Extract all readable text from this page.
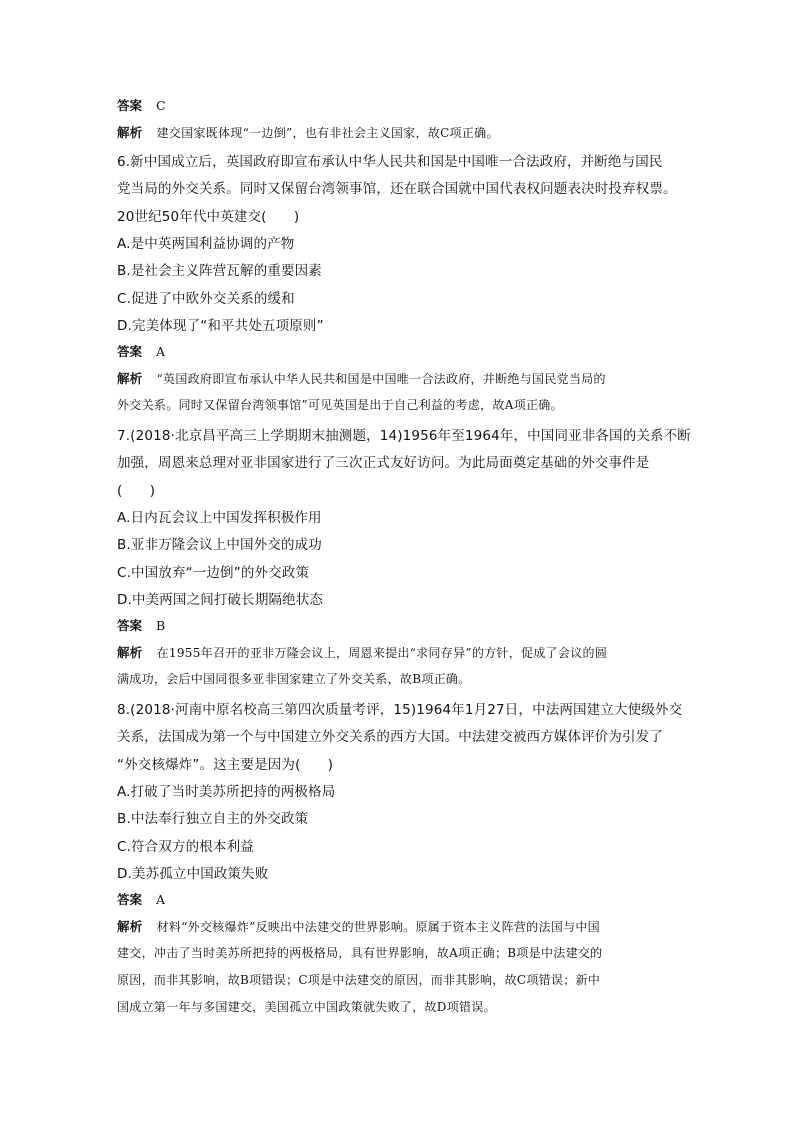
答案 C
解析 建交国家既体现“一边倒”，也有非社会主义国家，故C项正确。
6.新中国成立后，英国政府即宣布承认中华人民共和国是中国唯一合法政府，并断绝与国民
党当局的外交关系。同时又保留台湾领事馆，还在联合国就中国代表权问题表决时投弃权票。
20世纪50年代中英建交(　　)
A.是中英两国利益协调的产物
B.是社会主义阵营瓦解的重要因素
C.促进了中欧外交关系的缓和
D.完美体现了“和平共处五项原则”
答案 A
解析 “英国政府即宣布承认中华人民共和国是中国唯一合法政府，并断绝与国民党当局的
外交关系。同时又保留台湾领事馆”可见英国是出于自己利益的考虑，故A项正确。
7.(2018·北京昌平高三上学期期末抽测题，14)1956年至1964年，中国同亚非各国的关系不断
加强，周恩来总理对亚非国家进行了三次正式友好访问。为此局面奠定基础的外交事件是
(　　)
A.日内瓦会议上中国发挥积极作用
B.亚非万隆会议上中国外交的成功
C.中国放弃“一边倒”的外交政策
D.中美两国之间打破长期隔绝状态
答案 B
解析 在1955年召开的亚非万隆会议上，周恩来提出“求同存异”的方针，促成了会议的圆
满成功，会后中国同很多亚非国家建立了外交关系，故B项正确。
8.(2018·河南中原名校高三第四次质量考评，15)1964年1月27日，中法两国建立大使级外交
关系，法国成为第一个与中国建立外交关系的西方大国。中法建交被西方媒体评价为引发了
“外交核爆炸”。这主要是因为(　　)
A.打破了当时美苏所把持的两极格局
B.中法奉行独立自主的外交政策
C.符合双方的根本利益
D.美苏孤立中国政策失败
答案 A
解析 材料“外交核爆炸”反映出中法建交的世界影响。原属于资本主义阵营的法国与中国
建交，冲击了当时美苏所把持的两极格局，具有世界影响，故A项正确；B项是中法建交的
原因，而非其影响，故B项错误；C项是中法建交的原因，而非其影响，故C项错误；新中
国成立第一年与多国建交，美国孤立中国政策就失败了，故D项错误。
